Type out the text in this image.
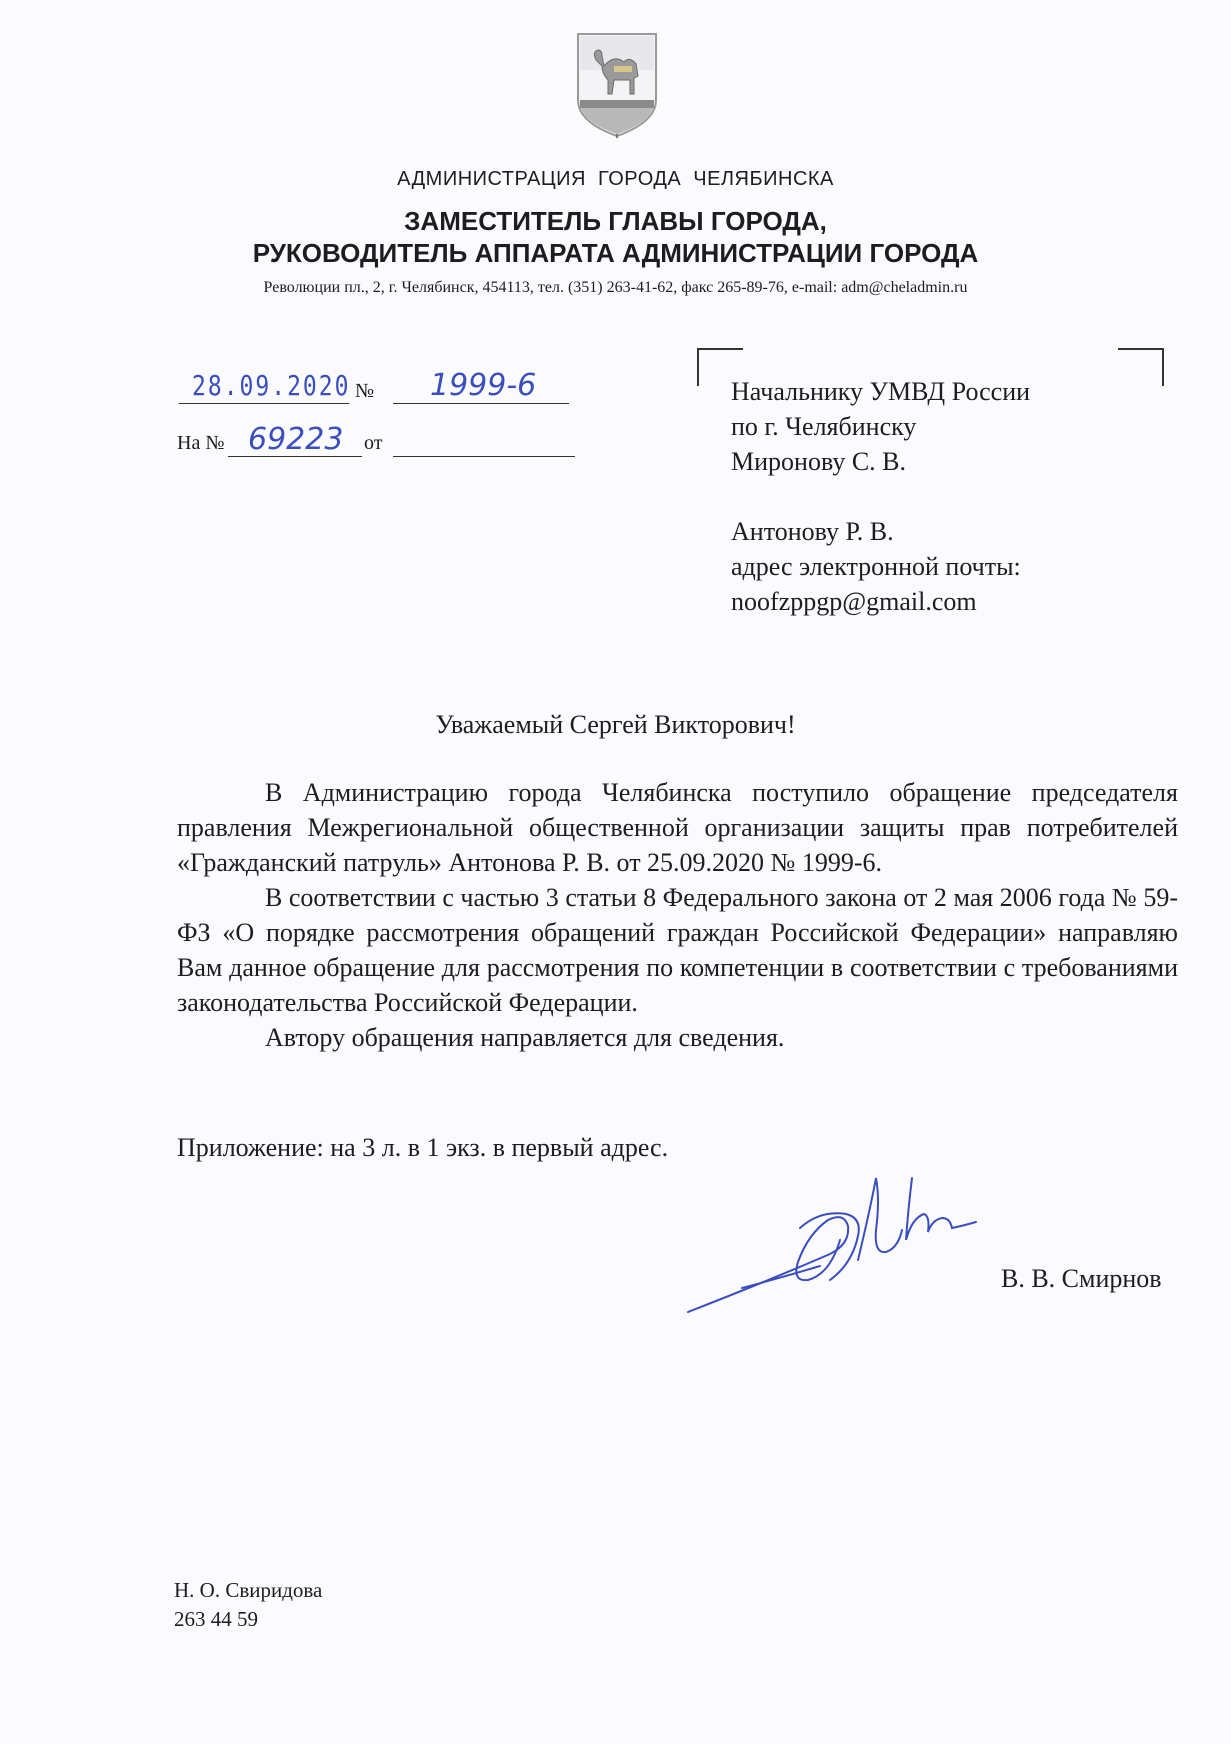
АДМИНИСТРАЦИЯ ГОРОДА ЧЕЛЯБИНСКА
ЗАМЕСТИТЕЛЬ ГЛАВЫ ГОРОДА,
РУКОВОДИТЕЛЬ АППАРАТА АДМИНИСТРАЦИИ ГОРОДА
Революции пл., 2, г. Челябинск, 454113, тел. (351) 263-41-62, факс 265-89-76, e-mail: adm@cheladmin.ru
28.09.2020 № 1999-6
На № 69223 от
Начальнику УМВД России
по г. Челябинску
Миронову С. В.
Антонову Р. В.
адрес электронной почты:
noofzppgp@gmail.com
Уважаемый Сергей Викторович!

В Администрацию города Челябинска поступило обращение председателя правления Межрегиональной общественной организации защиты прав потребителей «Гражданский патруль» Антонова Р. В. от 25.09.2020 № 1999-6.

В соответствии с частью 3 статьи 8 Федерального закона от 2 мая 2006 года № 59-ФЗ «О порядке рассмотрения обращений граждан Российской Федерации» направляю Вам данное обращение для рассмотрения по компетенции в соответствии с требованиями законодательства Российской Федерации.

Автору обращения направляется для сведения.

Приложение: на 3 л. в 1 экз. в первый адрес.
В. В. Смирнов
Н. О. Свиридова
263 44 59
